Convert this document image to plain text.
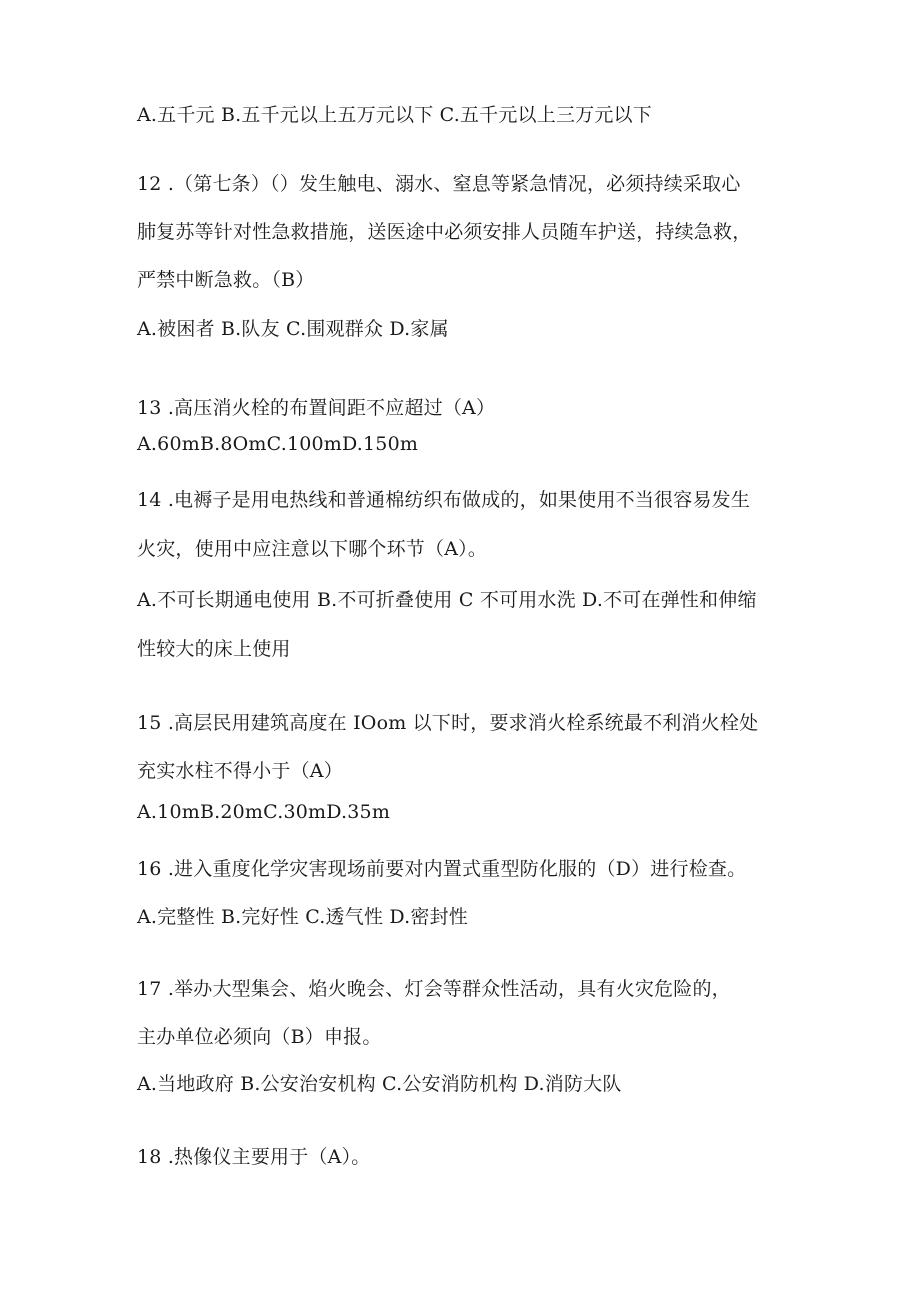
A.五千元 B.五千元以上五万元以下 C.五千元以上三万元以下
12 .（第七条）（）发生触电、溺水、窒息等紧急情况，必须持续采取心
肺复苏等针对性急救措施，送医途中必须安排人员随车护送，持续急救，
严禁中断急救。（B）
A.被困者 B.队友 C.围观群众 D.家属
13 .高压消火栓的布置间距不应超过（A）
A.60mB.8OmC.100mD.150m
14 .电褥子是用电热线和普通棉纺织布做成的，如果使用不当很容易发生
火灾，使用中应注意以下哪个环节（A）。
A.不可长期通电使用 B.不可折叠使用 C 不可用水洗 D.不可在弹性和伸缩
性较大的床上使用
15 .高层民用建筑高度在 IOom 以下时，要求消火栓系统最不利消火栓处
充实水柱不得小于（A）
A.10mB.20mC.30mD.35m
16 .进入重度化学灾害现场前要对内置式重型防化服的（D）进行检查。
A.完整性 B.完好性 C.透气性 D.密封性
17 .举办大型集会、焰火晚会、灯会等群众性活动，具有火灾危险的，
主办单位必须向（B）申报。
A.当地政府 B.公安治安机构 C.公安消防机构 D.消防大队
18 .热像仪主要用于（A）。
